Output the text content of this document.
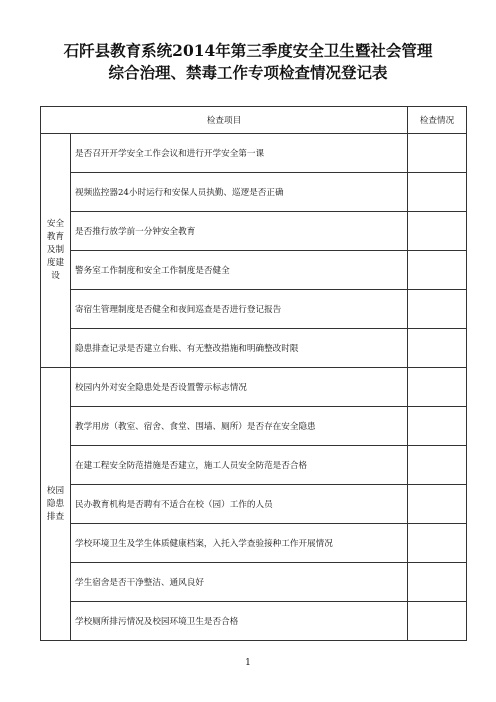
石阡县教育系统2014年第三季度安全卫生暨社会管理
综合治理、禁毒工作专项检查情况登记表
检查项目		检查情况
安全教育及制度建设	是否召开开学安全工作会议和进行开学安全第一课	
	视频监控器24小时运行和安保人员执勤、巡逻是否正确	
	是否推行放学前一分钟安全教育	
	警务室工作制度和安全工作制度是否健全	
	寄宿生管理制度是否健全和夜间巡查是否进行登记报告	
	隐患排查记录是否建立台账、有无整改措施和明确整改时限	
校园隐患排查	校园内外对安全隐患处是否设置警示标志情况	
	教学用房（教室、宿舍、食堂、围墙、厕所）是否存在安全隐患	
	在建工程安全防范措施是否建立，施工人员安全防范是否合格	
	民办教育机构是否聘有不适合在校（园）工作的人员	
	学校环境卫生及学生体质健康档案，入托入学查验接种工作开展情况	
	学生宿舍是否干净整洁、通风良好	
	学校厕所排污情况及校园环境卫生是否合格	
1
